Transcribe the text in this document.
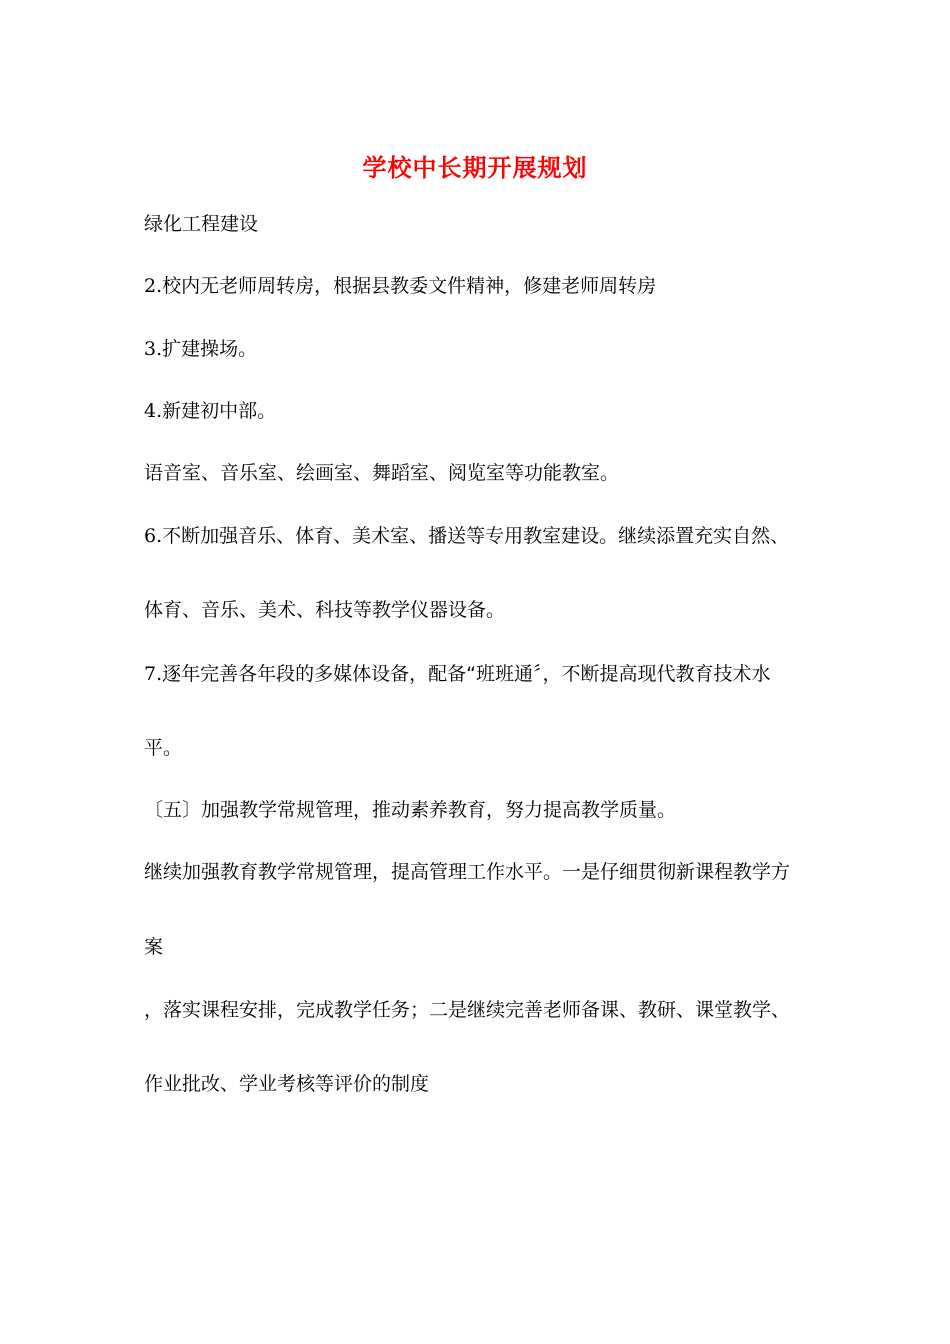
学校中长期开展规划
绿化工程建设
2.校内无老师周转房，根据县教委文件精神，修建老师周转房
3.扩建操场。
4.新建初中部。
语音室、音乐室、绘画室、舞蹈室、阅览室等功能教室。
6.不断加强音乐、体育、美术室、播送等专用教室建设。继续添置充实自然、
体育、音乐、美术、科技等教学仪器设备。
7.逐年完善各年段的多媒体设备，配备“班班通〞，不断提高现代教育技术水
平。
〔五〕加强教学常规管理，推动素养教育，努力提高教学质量。
继续加强教育教学常规管理，提高管理工作水平。一是仔细贯彻新课程教学方
案
，落实课程安排，完成教学任务；二是继续完善老师备课、教研、课堂教学、
作业批改、学业考核等评价的制度
